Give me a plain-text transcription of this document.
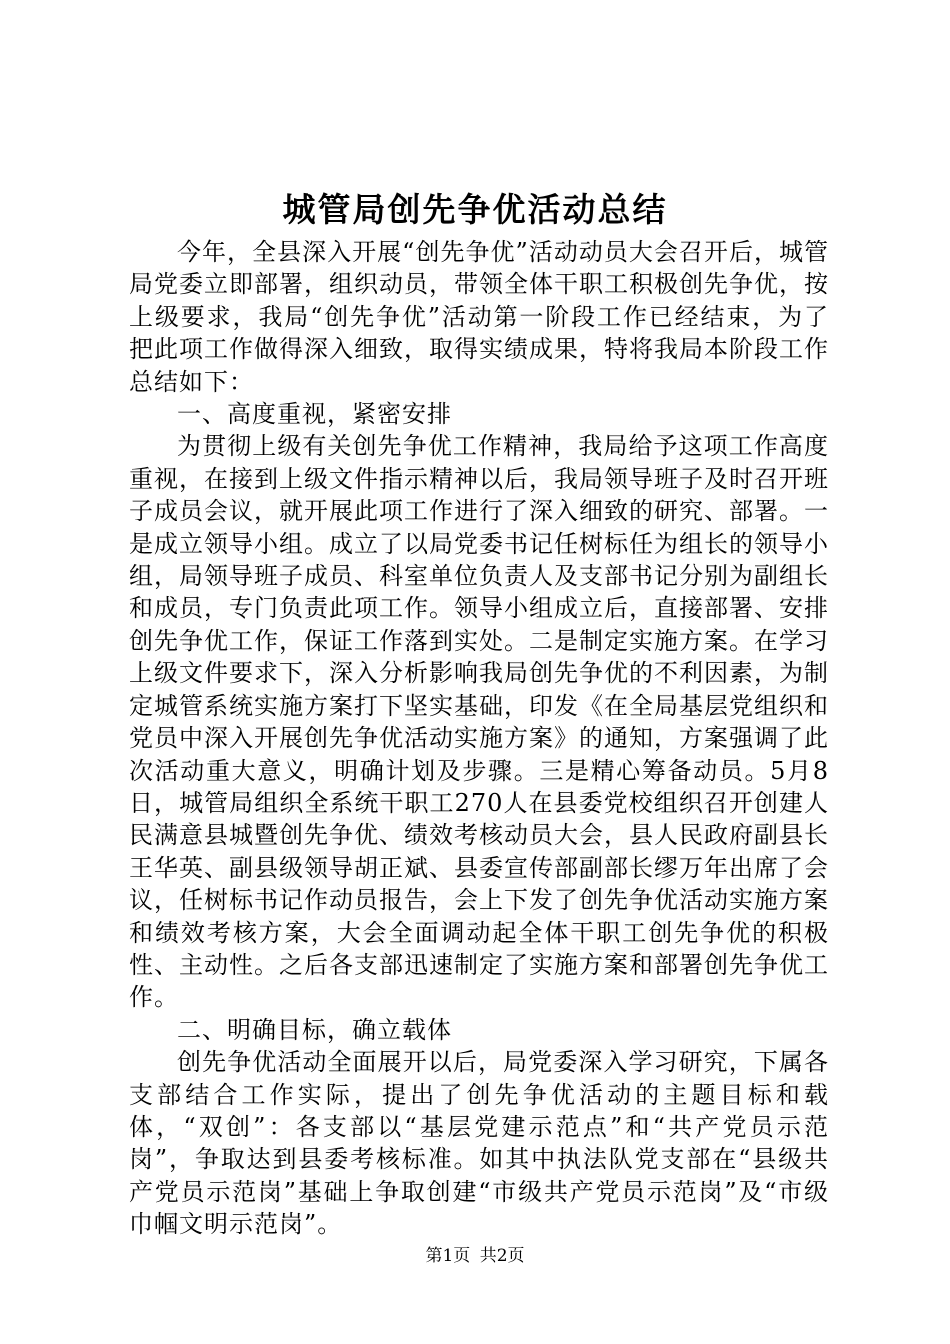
城管局创先争优活动总结

今年，全县深入开展“创先争优”活动动员大会召开后，城管局党委立即部署，组织动员，带领全体干职工积极创先争优，按上级要求，我局“创先争优”活动第一阶段工作已经结束，为了把此项工作做得深入细致，取得实绩成果，特将我局本阶段工作总结如下：

一、高度重视，紧密安排

为贯彻上级有关创先争优工作精神，我局给予这项工作高度重视，在接到上级文件指示精神以后，我局领导班子及时召开班子成员会议，就开展此项工作进行了深入细致的研究、部署。一是成立领导小组。成立了以局党委书记任树标任为组长的领导小组，局领导班子成员、科室单位负责人及支部书记分别为副组长和成员，专门负责此项工作。领导小组成立后，直接部署、安排创先争优工作，保证工作落到实处。二是制定实施方案。在学习上级文件要求下，深入分析影响我局创先争优的不利因素，为制定城管系统实施方案打下坚实基础，印发《在全局基层党组织和党员中深入开展创先争优活动实施方案》的通知，方案强调了此次活动重大意义，明确计划及步骤。三是精心筹备动员。5月8日，城管局组织全系统干职工270人在县委党校组织召开创建人民满意县城暨创先争优、绩效考核动员大会，县人民政府副县长王华英、副县级领导胡正斌、县委宣传部副部长缪万年出席了会议，任树标书记作动员报告，会上下发了创先争优活动实施方案和绩效考核方案，大会全面调动起全体干职工创先争优的积极性、主动性。之后各支部迅速制定了实施方案和部署创先争优工作。

二、明确目标，确立载体

创先争优活动全面展开以后，局党委深入学习研究，下属各支部结合工作实际，提出了创先争优活动的主题目标和载体，“双创”：各支部以“基层党建示范点”和“共产党员示范岗”，争取达到县委考核标准。如其中执法队党支部在“县级共产党员示范岗”基础上争取创建“市级共产党员示范岗”及“市级巾帼文明示范岗”。

第1页 共2页
